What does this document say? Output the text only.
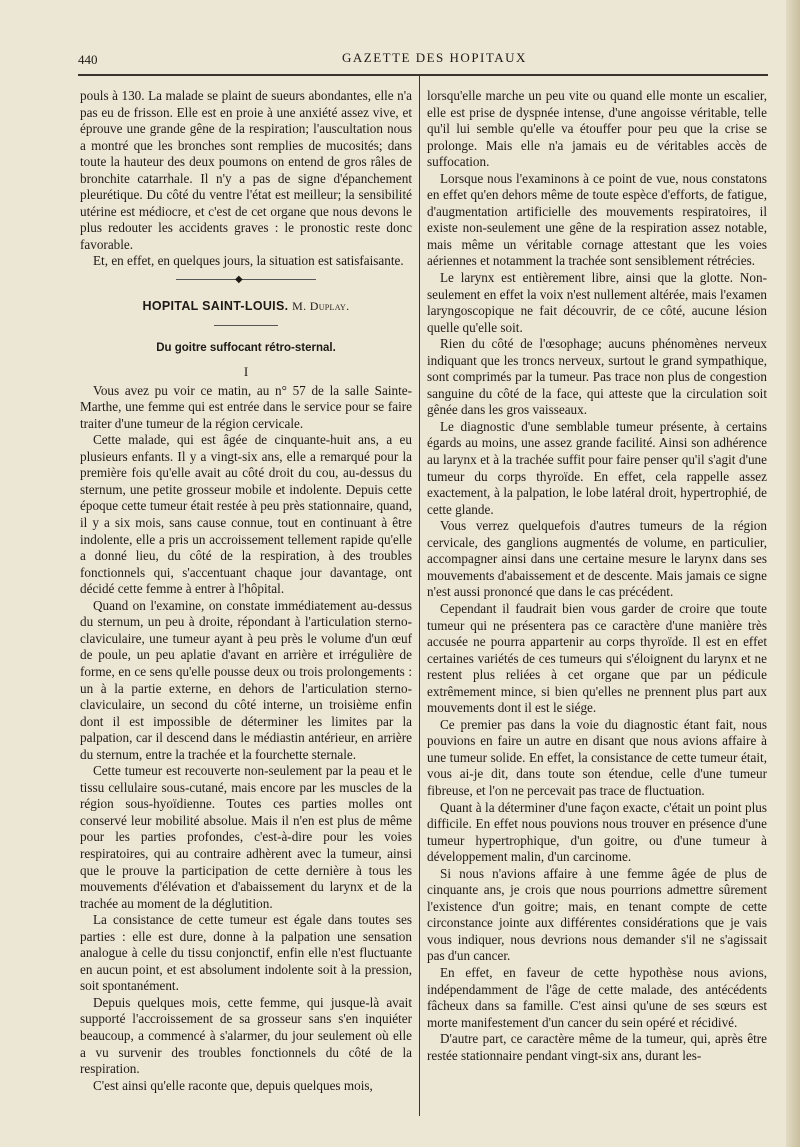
440	GAZETTE DES HOPITAUX

pouls à 130. La malade se plaint de sueurs abondantes, elle n'a pas eu de frisson. Elle est en proie à une anxiété assez vive, et éprouve une grande gêne de la respiration; l'auscultation nous a montré que les bronches sont remplies de mucosités; dans toute la hauteur des deux poumons on entend de gros râles de bronchite catarrhale. Il n'y a pas de signe d'épanchement pleurétique. Du côté du ventre l'état est meilleur; la sensibilité utérine est médiocre, et c'est de cet organe que nous devons le plus redouter les accidents graves : le pronostic reste donc favorable.

Et, en effet, en quelques jours, la situation est satisfaisante.

◆
HOPITAL SAINT-LOUIS. M. Duplay.
Du goitre suffocant rétro-sternal.
I

Vous avez pu voir ce matin, au n° 57 de la salle Sainte-Marthe, une femme qui est entrée dans le service pour se faire traiter d'une tumeur de la région cervicale.

Cette malade, qui est âgée de cinquante-huit ans, a eu plusieurs enfants. Il y a vingt-six ans, elle a remarqué pour la première fois qu'elle avait au côté droit du cou, au-dessus du sternum, une petite grosseur mobile et indolente. Depuis cette époque cette tumeur était restée à peu près stationnaire, quand, il y a six mois, sans cause connue, tout en continuant à être indolente, elle a pris un accroissement tellement rapide qu'elle a donné lieu, du côté de la respiration, à des troubles fonctionnels qui, s'accentuant chaque jour davantage, ont décidé cette femme à entrer à l'hôpital.

Quand on l'examine, on constate immédiatement au-dessus du sternum, un peu à droite, répondant à l'articulation sterno-claviculaire, une tumeur ayant à peu près le volume d'un œuf de poule, un peu aplatie d'avant en arrière et irrégulière de forme, en ce sens qu'elle pousse deux ou trois prolongements : un à la partie externe, en dehors de l'articulation sterno-claviculaire, un second du côté interne, un troisième enfin dont il est impossible de déterminer les limites par la palpation, car il descend dans le médiastin antérieur, en arrière du sternum, entre la trachée et la fourchette sternale.

Cette tumeur est recouverte non-seulement par la peau et le tissu cellulaire sous-cutané, mais encore par les muscles de la région sous-hyoïdienne. Toutes ces parties molles ont conservé leur mobilité absolue. Mais il n'en est plus de même pour les parties profondes, c'est-à-dire pour les voies respiratoires, qui au contraire adhèrent avec la tumeur, ainsi que le prouve la participation de cette dernière à tous les mouvements d'élévation et d'abaissement du larynx et de la trachée au moment de la déglutition.

La consistance de cette tumeur est égale dans toutes ses parties : elle est dure, donne à la palpation une sensation analogue à celle du tissu conjonctif, enfin elle n'est fluctuante en aucun point, et est absolument indolente soit à la pression, soit spontanément.

Depuis quelques mois, cette femme, qui jusque-là avait supporté l'accroissement de sa grosseur sans s'en inquiéter beaucoup, a commencé à s'alarmer, du jour seulement où elle a vu survenir des troubles fonctionnels du côté de la respiration.

C'est ainsi qu'elle raconte que, depuis quelques mois,

lorsqu'elle marche un peu vite ou quand elle monte un escalier, elle est prise de dyspnée intense, d'une angoisse véritable, telle qu'il lui semble qu'elle va étouffer pour peu que la crise se prolonge. Mais elle n'a jamais eu de véritables accès de suffocation.

Lorsque nous l'examinons à ce point de vue, nous constatons en effet qu'en dehors même de toute espèce d'efforts, de fatigue, d'augmentation artificielle des mouvements respiratoires, il existe non-seulement une gêne de la respiration assez notable, mais même un véritable cornage attestant que les voies aériennes et notamment la trachée sont sensiblement rétrécies.

Le larynx est entièrement libre, ainsi que la glotte. Non-seulement en effet la voix n'est nullement altérée, mais l'examen laryngoscopique ne fait découvrir, de ce côté, aucune lésion quelle qu'elle soit.

Rien du côté de l'œsophage; aucuns phénomènes nerveux indiquant que les troncs nerveux, surtout le grand sympathique, sont comprimés par la tumeur. Pas trace non plus de congestion sanguine du côté de la face, qui atteste que la circulation soit gênée dans les gros vaisseaux.

Le diagnostic d'une semblable tumeur présente, à certains égards au moins, une assez grande facilité. Ainsi son adhérence au larynx et à la trachée suffit pour faire penser qu'il s'agit d'une tumeur du corps thyroïde. En effet, cela rappelle assez exactement, à la palpation, le lobe latéral droit, hypertrophié, de cette glande.

Vous verrez quelquefois d'autres tumeurs de la région cervicale, des ganglions augmentés de volume, en particulier, accompagner ainsi dans une certaine mesure le larynx dans ses mouvements d'abaissement et de descente. Mais jamais ce signe n'est aussi prononcé que dans le cas précédent.

Cependant il faudrait bien vous garder de croire que toute tumeur qui ne présentera pas ce caractère d'une manière très accusée ne pourra appartenir au corps thyroïde. Il est en effet certaines variétés de ces tumeurs qui s'éloignent du larynx et ne restent plus reliées à cet organe que par un pédicule extrêmement mince, si bien qu'elles ne prennent plus part aux mouvements dont il est le siége.

Ce premier pas dans la voie du diagnostic étant fait, nous pouvions en faire un autre en disant que nous avions affaire à une tumeur solide. En effet, la consistance de cette tumeur était, vous ai-je dit, dans toute son étendue, celle d'une tumeur fibreuse, et l'on ne percevait pas trace de fluctuation.

Quant à la déterminer d'une façon exacte, c'était un point plus difficile. En effet nous pouvions nous trouver en présence d'une tumeur hypertrophique, d'un goitre, ou d'une tumeur à développement malin, d'un carcinome.

Si nous n'avions affaire à une femme âgée de plus de cinquante ans, je crois que nous pourrions admettre sûrement l'existence d'un goitre; mais, en tenant compte de cette circonstance jointe aux différentes considérations que je vais vous indiquer, nous devrions nous demander s'il ne s'agissait pas d'un cancer.

En effet, en faveur de cette hypothèse nous avions, indépendamment de l'âge de cette malade, des antécédents fâcheux dans sa famille. C'est ainsi qu'une de ses sœurs est morte manifestement d'un cancer du sein opéré et récidivé.

D'autre part, ce caractère même de la tumeur, qui, après être restée stationnaire pendant vingt-six ans, durant les-
